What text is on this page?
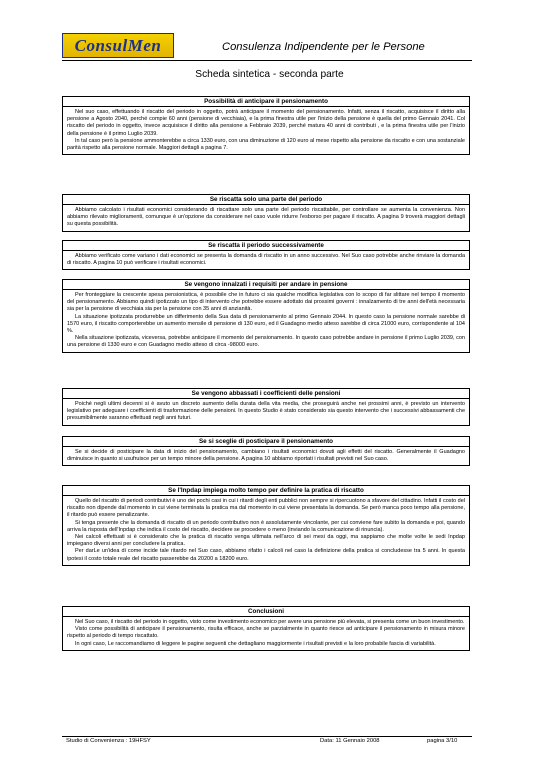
ConsulMen	Consulenza Indipendente per le Persone
Scheda sintetica - seconda parte
Possibilità di anticipare il pensionamento

Nel suo caso, effettuando il riscatto del periodo in oggetto, potrà anticipare il momento del pensionamento. Infatti, senza il riscatto, acquisisce il diritto alla pensione a Agosto 2040, perché compie 60 anni (pensione di vecchiaia), e la prima finestra utile per l'inizio della pensione è quella del primo Gennaio 2041. Col riscatto del periodo in oggetto, invece acquisisce il diritto alla pensione a Febbraio 2039, perché matura 40 anni di contributi , e la prima finestra utile per l'inizio della pensione è il primo Luglio 2039.

In tal caso però la pensione ammonterebbe a circa 1330 euro, con una diminuzione di 120 euro al mese rispetto alla pensione da riscatto e con una sostanziale parità rispetto alla pensione normale. Maggiori dettagli a pagina 7.

Se riscatta solo una parte del periodo

Abbiamo calcolato i risultati economici considerando di riscattare solo una parte del periodo riscattabile, per controllare se aumenta la convenienza. Non abbiamo rilevato miglioramenti, comunque è un'opzione da considerare nel caso vuole ridurre l'esborso per pagare il riscatto. A pagina 9 troverà maggiori dettagli su questa possibilità.

Se riscatta il periodo successivamente

Abbiamo verificato come variano i dati economici se presenta la domanda di riscatto in un anno successivo. Nel Suo caso potrebbe anche rinviare la domanda di riscatto. A pagina 10 può verificare i risultati economici.

Se vengono innalzati i requisiti per andare in pensione

Per fronteggiare la crescente spesa pensionistica, è possibile che in futuro ci sia qualche modifica legislativa con lo scopo di far slittare nel tempo il momento del pensionamento. Abbiamo quindi ipotizzato un tipo di intervento che potrebbe essere adottato dai prossimi governi : innalzamento di tre anni dell'età necessaria sia per la pensione di vecchiaia sia per la pensione con 35 anni di anzianità.

La situazione ipotizzata produrrebbe un differimento della Sua data di pensionamento al primo Gennaio 2044. In questo caso la pensione normale sarebbe di 1570 euro, il riscatto comporterebbe un aumento mensile di pensione di 130 euro, ed il Guadagno medio atteso sarebbe di circa 21000 euro, corrispondente al 104 %.

Nella situazione ipotizzata, viceversa, potrebbe anticipare il momento del pensionamento. In questo caso potrebbe andare in pensione il primo Luglio 2039, con una pensione di 1330 euro e con Guadagno medio atteso di circa -98000 euro.

Se vengono abbassati i coefficienti delle pensioni

Poiché negli ultimi decenni si è avuto un discreto aumento della durata della vita media, che proseguirà anche nei prossimi anni, è previsto un intervento legislativo per adeguare i coefficienti di trasformazione delle pensioni. In questo Studio è stato considerato sia questo intervento che i successivi abbassamenti che presumibilmente saranno effettuati negli anni futuri.

Se si sceglie di posticipare il pensionamento

Se si decide di posticipare la data di inizio del pensionamento, cambiano i risultati economici dovuti agli effetti del riscatto. Generalmente il Guadagno diminuisce in quanto si usufruisce per un tempo minore della pensione. A pagina 10 abbiamo riportati i risultati previsti nel Suo caso.

Se l'Inpdap impiega molto tempo per definire la pratica di riscatto

Quello del riscatto di periodi contributivi è uno dei pochi casi in cui i ritardi degli enti pubblici non sempre si ripercuotono a sfavore del cittadino. Infatti il costo del riscatto non dipende dal momento in cui viene terminata la pratica ma dal momento in cui viene presentata la domanda. Se però manca poco tempo alla pensione, il ritardo può essere penalizzante.

Si tenga presente che la domanda di riscatto di un periodo contributivo non è assolutamente vincolante, per cui conviene fare subito la domanda e poi, quando arriva la risposta dell'Inpdap che indica il costo del riscatto, decidere se procedere o meno (inviando la comunicazione di rinuncia).

Nei calcoli effettuati si è considerato che la pratica di riscatto venga ultimata nell'arco di sei mesi da oggi, ma sappiamo che molte volte le sedi Inpdap impiegano diversi anni per concludere la pratica.

Per darLe un'idea di come incide tale ritardo nel Suo caso, abbiamo rifatto i calcoli nel caso la definizione della pratica si concludesse tra 5 anni. In questa ipotesi il costo totale reale del riscatto passerebbe da 20200 a 18200 euro.

Conclusioni

Nel Suo caso, il riscatto del periodo in oggetto, visto come investimento economico per avere una pensione più elevata, si presenta come un buon investimento.

Visto come possibilità di anticipare il pensionamento, risulta efficace, anche se parzialmente in quanto riesce ad anticipare il pensionamento in misura minore rispetto al periodo di tempo riscattato.

In ogni caso, Le raccomandiamo di leggere le pagine seguenti che dettagliano maggiormente i risultati previsti e la loro probabile fascia di variabilità.

Studio di Convenienza : 19HFSY	Data: 11 Gennaio 2008	pagina 3/10
